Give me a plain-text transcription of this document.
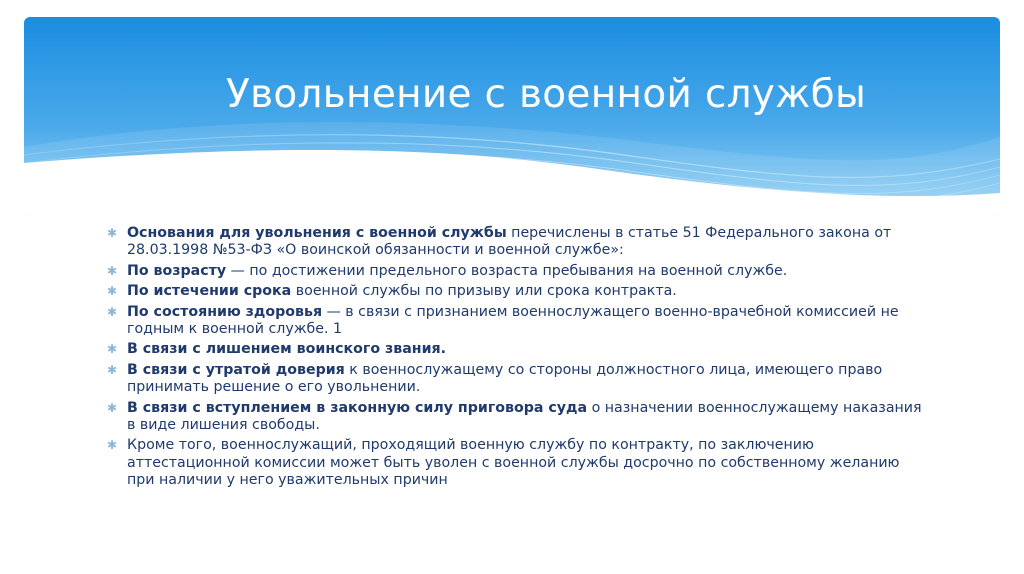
Увольнение с военной службы
✱ Основания для увольнения с военной службы перечислены в статье 51 Федерального закона от 28.03.1998 №53-ФЗ «О воинской обязанности и военной службе»:
✱ По возрасту — по достижении предельного возраста пребывания на военной службе.
✱ По истечении срока военной службы по призыву или срока контракта.
✱ По состоянию здоровья — в связи с признанием военнослужащего военно-врачебной комиссией не годным к военной службе. 1
✱ В связи с лишением воинского звания.
✱ В связи с утратой доверия к военнослужащему со стороны должностного лица, имеющего право принимать решение о его увольнении.
✱ В связи с вступлением в законную силу приговора суда о назначении военнослужащему наказания в виде лишения свободы.
✱ Кроме того, военнослужащий, проходящий военную службу по контракту, по заключению аттестационной комиссии может быть уволен с военной службы досрочно по собственному желанию при наличии у него уважительных причин
